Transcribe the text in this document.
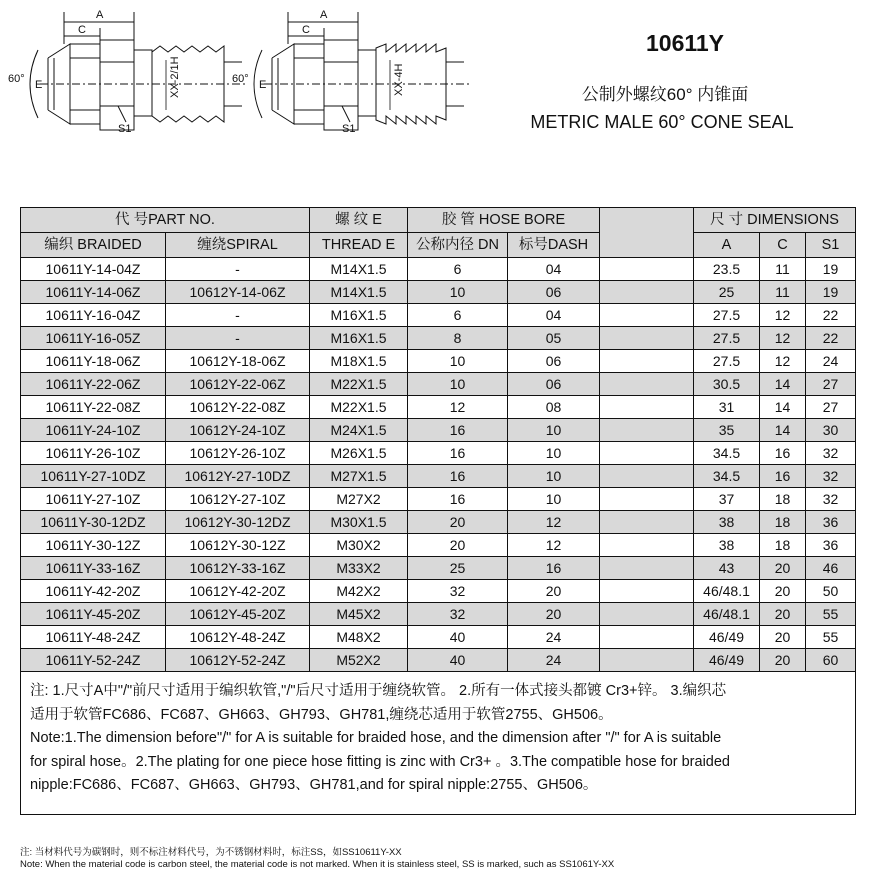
A
C
E
60°
S1
XX-2/1H
A
C
E
60°
S1
XX-4H
10611Y
公制外螺纹60° 内锥面
METRIC MALE 60° CONE SEAL
代 号PART NO.		螺 纹 E	胶 管 HOSE BORE			尺 寸 DIMENSIONS		
编织 BRAIDED	缠绕SPIRAL	THREAD E	公称内径 DN	标号DASH		A	C	S1
10611Y-14-04Z	-	M14X1.5	6	04		23.5	11	19
10611Y-14-06Z	10612Y-14-06Z	M14X1.5	10	06		25	11	19
10611Y-16-04Z	-	M16X1.5	6	04		27.5	12	22
10611Y-16-05Z	-	M16X1.5	8	05		27.5	12	22
10611Y-18-06Z	10612Y-18-06Z	M18X1.5	10	06		27.5	12	24
10611Y-22-06Z	10612Y-22-06Z	M22X1.5	10	06		30.5	14	27
10611Y-22-08Z	10612Y-22-08Z	M22X1.5	12	08		31	14	27
10611Y-24-10Z	10612Y-24-10Z	M24X1.5	16	10		35	14	30
10611Y-26-10Z	10612Y-26-10Z	M26X1.5	16	10		34.5	16	32
10611Y-27-10DZ	10612Y-27-10DZ	M27X1.5	16	10		34.5	16	32
10611Y-27-10Z	10612Y-27-10Z	M27X2	16	10		37	18	32
10611Y-30-12DZ	10612Y-30-12DZ	M30X1.5	20	12		38	18	36
10611Y-30-12Z	10612Y-30-12Z	M30X2	20	12		38	18	36
10611Y-33-16Z	10612Y-33-16Z	M33X2	25	16		43	20	46
10611Y-42-20Z	10612Y-42-20Z	M42X2	32	20		46/48.1	20	50
10611Y-45-20Z	10612Y-45-20Z	M45X2	32	20		46/48.1	20	55
10611Y-48-24Z	10612Y-48-24Z	M48X2	40	24		46/49	20	55
10611Y-52-24Z	10612Y-52-24Z	M52X2	40	24		46/49	20	60
注: 1.尺寸A中"/"前尺寸适用于编织软管,"/"后尺寸适用于缠绕软管。 2.所有一体式接头都镀 Cr3+锌。 3.编织芯
适用于软管FC686、FC687、GH663、GH793、GH781,缠绕芯适用于软管2755、GH506。
Note:1.The dimension before"/" for A is suitable for braided hose, and the dimension after "/" for A is suitable
for spiral hose。2.The plating for one piece hose fitting is zinc with Cr3+ 。3.The compatible hose for braided
nipple:FC686、FC687、GH663、GH793、GH781,and for spiral nipple:2755、GH506。
注: 当材料代号为碳钢时，则不标注材料代号，为不锈钢材料时，标注SS，如SS10611Y-XX
Note: When the material code is carbon steel, the material code is not marked. When it is stainless steel, SS is marked, such as SS1061Y-XX
